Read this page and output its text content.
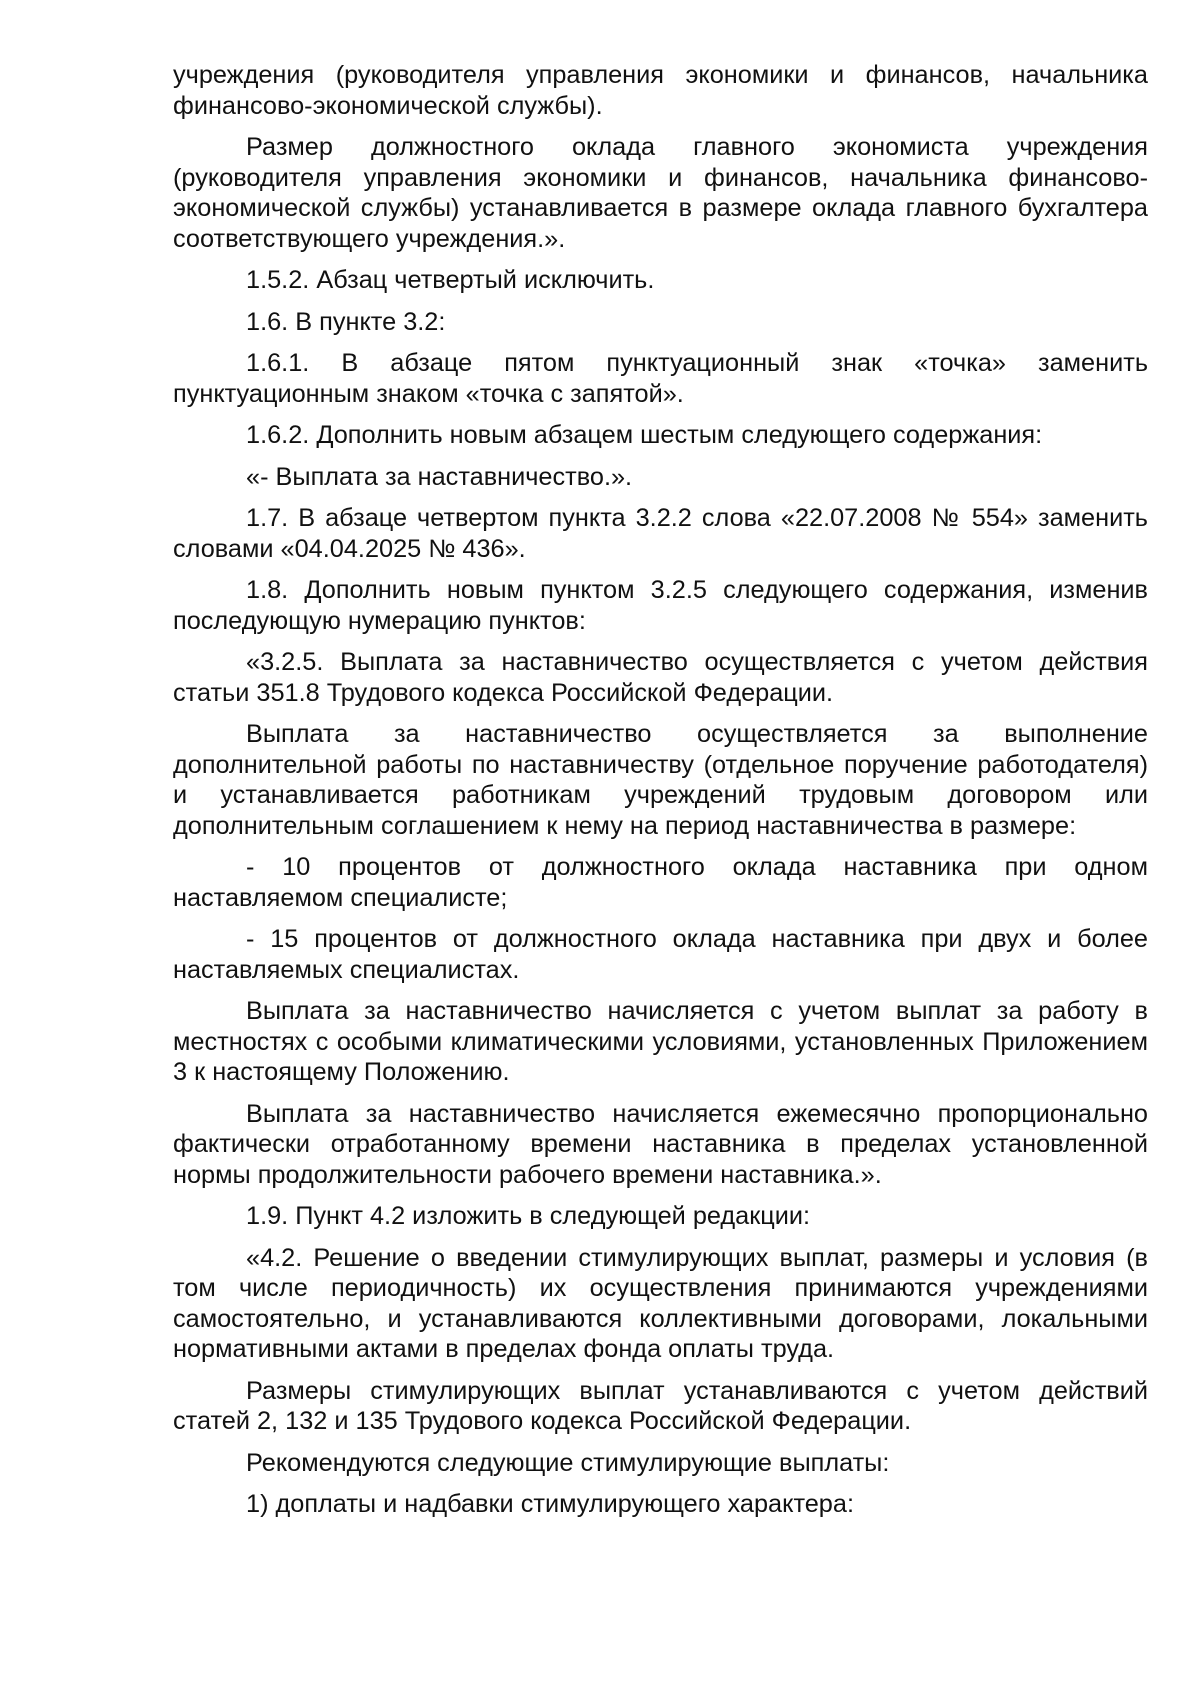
учреждения (руководителя управления экономики и финансов, начальника финансово-экономической службы).

Размер должностного оклада главного экономиста учреждения (руководителя управления экономики и финансов, начальника финансово-экономической службы) устанавливается в размере оклада главного бухгалтера соответствующего учреждения.».

1.5.2. Абзац четвертый исключить.

1.6. В пункте 3.2:

1.6.1. В абзаце пятом пунктуационный знак «точка» заменить пунктуационным знаком «точка с запятой».

1.6.2. Дополнить новым абзацем шестым следующего содержания:

«- Выплата за наставничество.».

1.7. В абзаце четвертом пункта 3.2.2 слова «22.07.2008 № 554» заменить словами «04.04.2025 № 436».

1.8. Дополнить новым пунктом 3.2.5 следующего содержания, изменив последующую нумерацию пунктов:

«3.2.5. Выплата за наставничество осуществляется с учетом действия статьи 351.8 Трудового кодекса Российской Федерации.

Выплата за наставничество осуществляется за выполнение дополнительной работы по наставничеству (отдельное поручение работодателя) и устанавливается работникам учреждений трудовым договором или дополнительным соглашением к нему на период наставничества в размере:

- 10 процентов от должностного оклада наставника при одном наставляемом специалисте;

- 15 процентов от должностного оклада наставника при двух и более наставляемых специалистах.

Выплата за наставничество начисляется с учетом выплат за работу в местностях с особыми климатическими условиями, установленных Приложением 3 к настоящему Положению.

Выплата за наставничество начисляется ежемесячно пропорционально фактически отработанному времени наставника в пределах установленной нормы продолжительности рабочего времени наставника.».

1.9. Пункт 4.2 изложить в следующей редакции:

«4.2. Решение о введении стимулирующих выплат, размеры и условия (в том числе периодичность) их осуществления принимаются учреждениями самостоятельно, и устанавливаются коллективными договорами, локальными нормативными актами в пределах фонда оплаты труда.

Размеры стимулирующих выплат устанавливаются с учетом действий статей 2, 132 и 135 Трудового кодекса Российской Федерации.

Рекомендуются следующие стимулирующие выплаты:

1) доплаты и надбавки стимулирующего характера:
